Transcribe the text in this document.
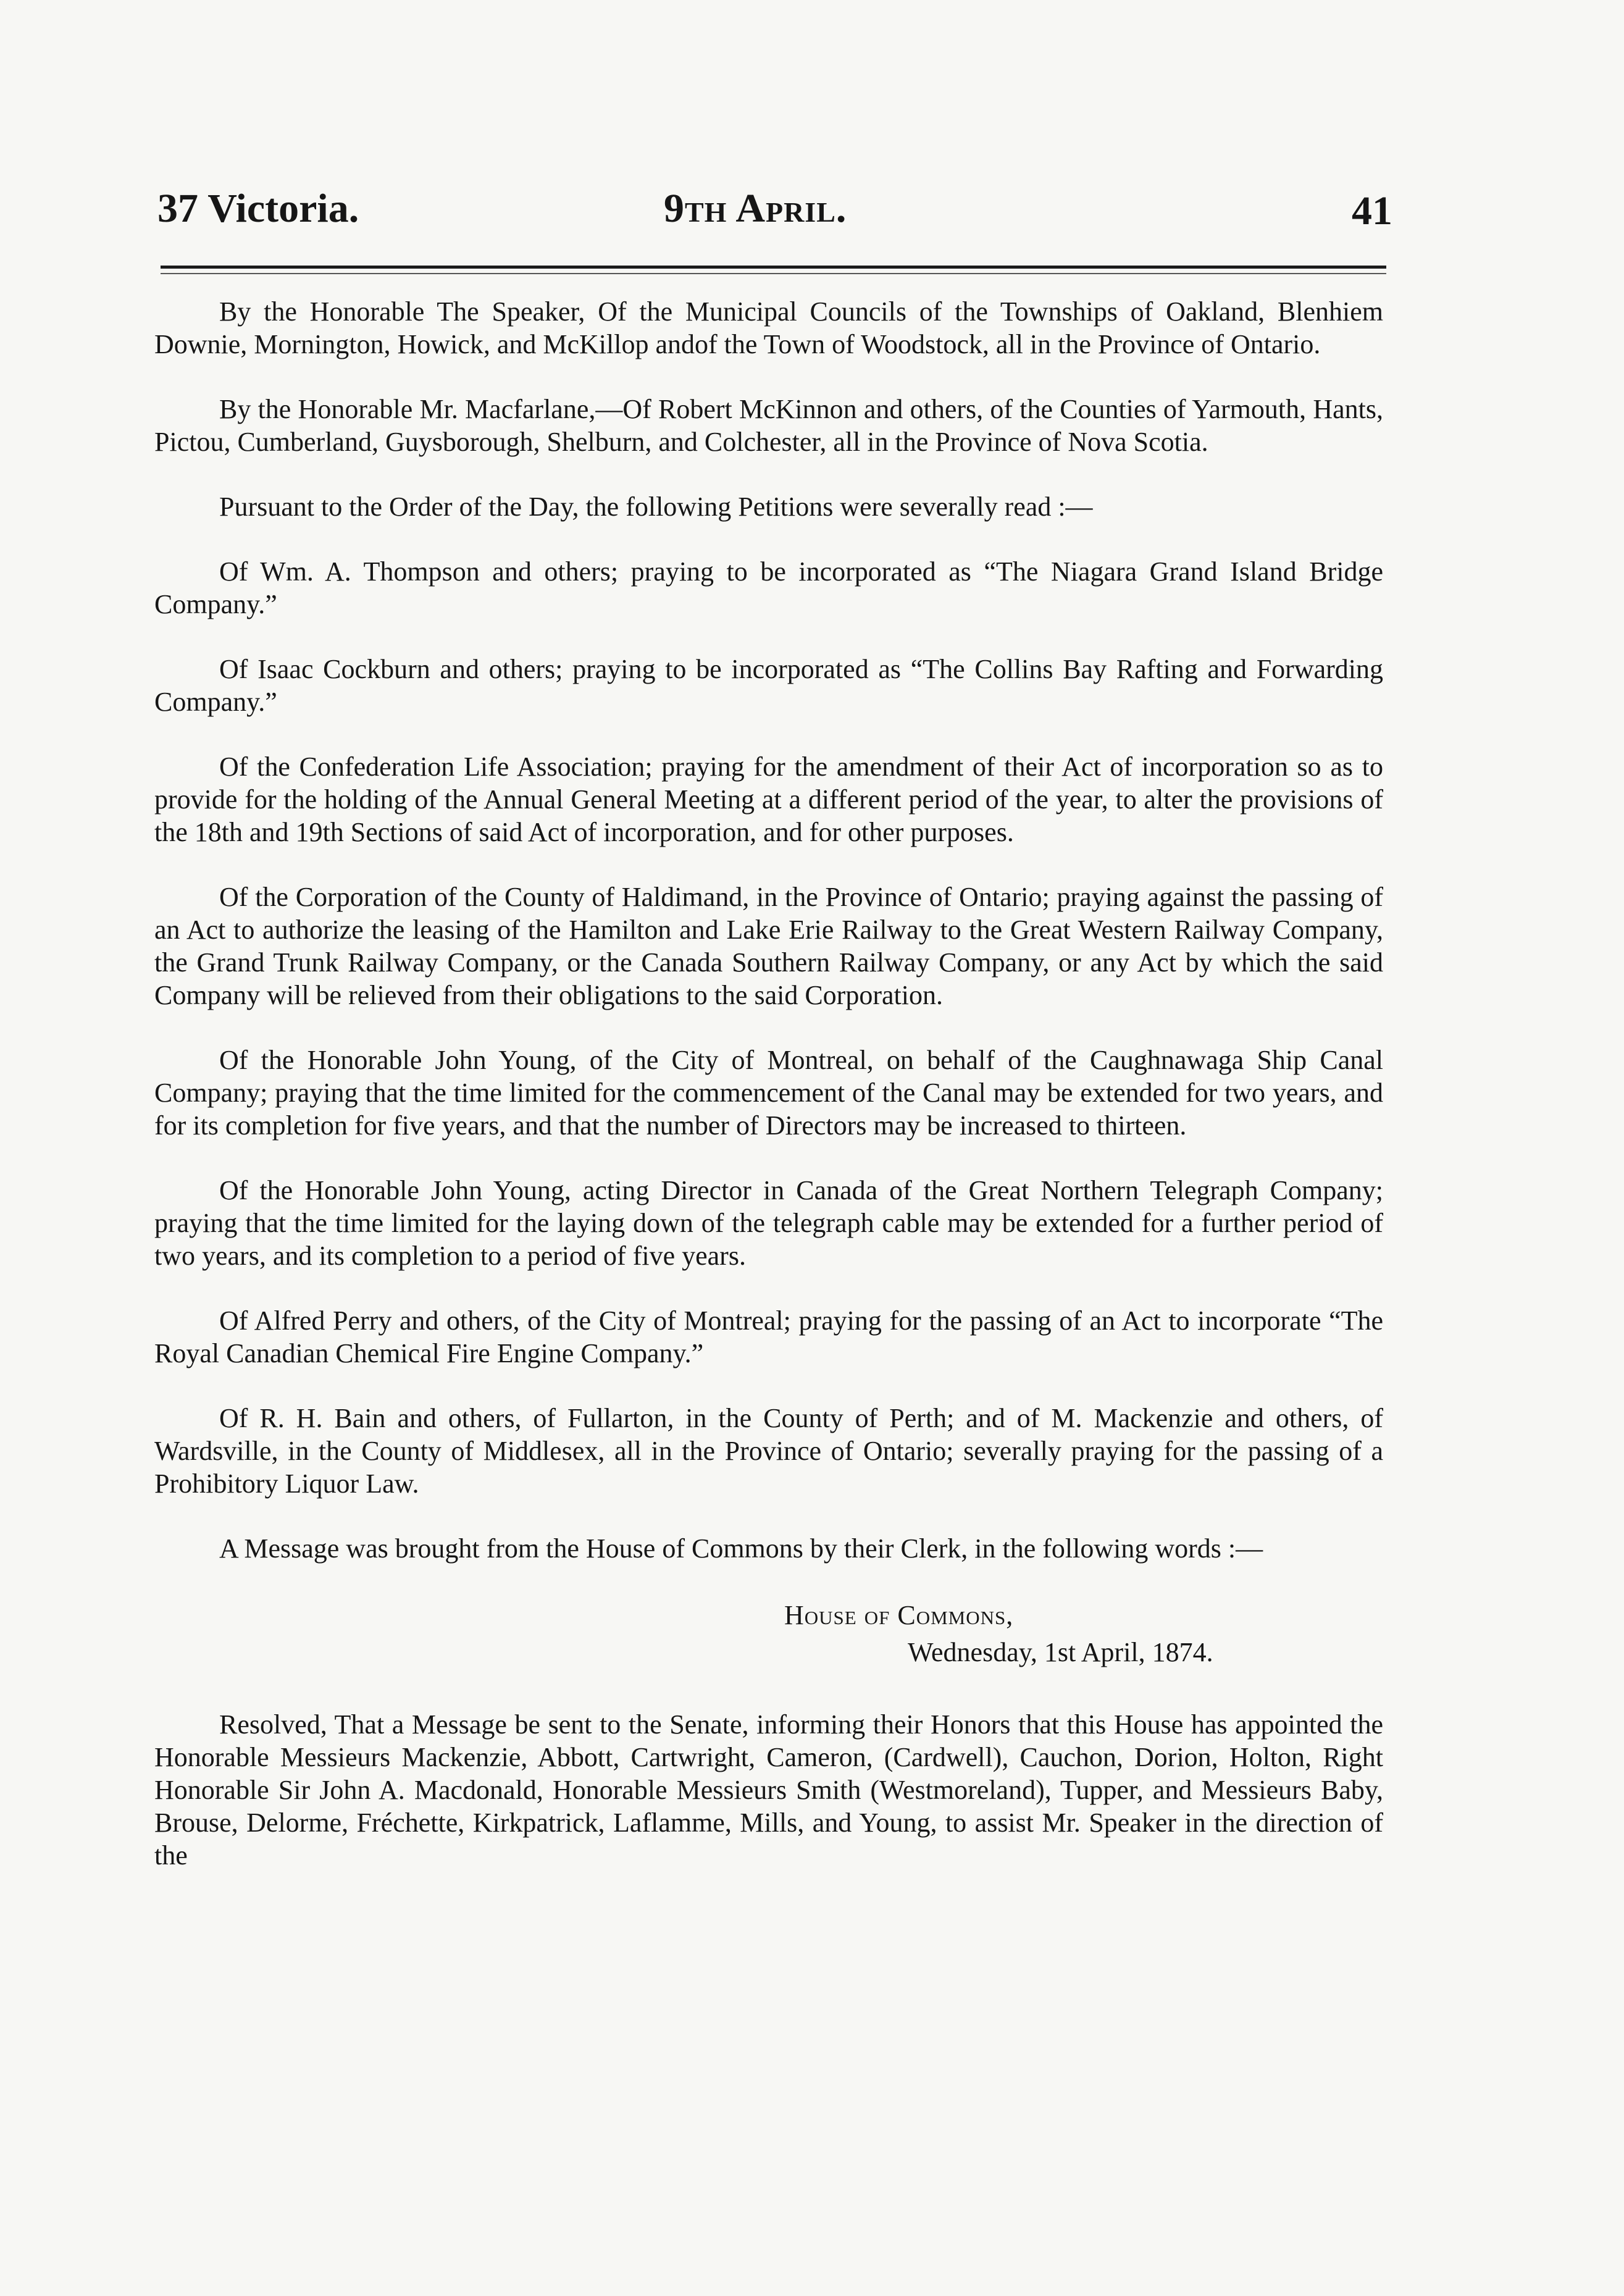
37 Victoria.	9th April.	41

By the Honorable The Speaker, Of the Municipal Councils of the Townships of Oakland, Blenhiem Downie, Mornington, Howick, and McKillop andof the Town of Woodstock, all in the Province of Ontario.

By the Honorable Mr. Macfarlane,—Of Robert McKinnon and others, of the Counties of Yarmouth, Hants, Pictou, Cumberland, Guysborough, Shelburn, and Colchester, all in the Province of Nova Scotia.

Pursuant to the Order of the Day, the following Petitions were severally read :—

Of Wm. A. Thompson and others; praying to be incorporated as “The Niagara Grand Island Bridge Company.”

Of Isaac Cockburn and others; praying to be incorporated as “The Collins Bay Rafting and Forwarding Company.”

Of the Confederation Life Association; praying for the amendment of their Act of incorporation so as to provide for the holding of the Annual General Meeting at a different period of the year, to alter the provisions of the 18th and 19th Sections of said Act of incorporation, and for other purposes.

Of the Corporation of the County of Haldimand, in the Province of Ontario; praying against the passing of an Act to authorize the leasing of the Hamilton and Lake Erie Railway to the Great Western Railway Company, the Grand Trunk Railway Company, or the Canada Southern Railway Company, or any Act by which the said Company will be relieved from their obligations to the said Corporation.

Of the Honorable John Young, of the City of Montreal, on behalf of the Caughnawaga Ship Canal Company; praying that the time limited for the commencement of the Canal may be extended for two years, and for its completion for five years, and that the number of Directors may be increased to thirteen.

Of the Honorable John Young, acting Director in Canada of the Great Northern Telegraph Company; praying that the time limited for the laying down of the telegraph cable may be extended for a further period of two years, and its completion to a period of five years.

Of Alfred Perry and others, of the City of Montreal; praying for the passing of an Act to incorporate “The Royal Canadian Chemical Fire Engine Company.”

Of R. H. Bain and others, of Fullarton, in the County of Perth; and of M. Mackenzie and others, of Wardsville, in the County of Middlesex, all in the Province of Ontario; severally praying for the passing of a Prohibitory Liquor Law.

A Message was brought from the House of Commons by their Clerk, in the following words :—

House of Commons,
Wednesday, 1st April, 1874.

Resolved, That a Message be sent to the Senate, informing their Honors that this House has appointed the Honorable Messieurs Mackenzie, Abbott, Cartwright, Cameron, (Cardwell), Cauchon, Dorion, Holton, Right Honorable Sir John A. Macdonald, Honorable Messieurs Smith (Westmoreland), Tupper, and Messieurs Baby, Brouse, Delorme, Fréchette, Kirkpatrick, Laflamme, Mills, and Young, to assist Mr. Speaker in the direction of the
